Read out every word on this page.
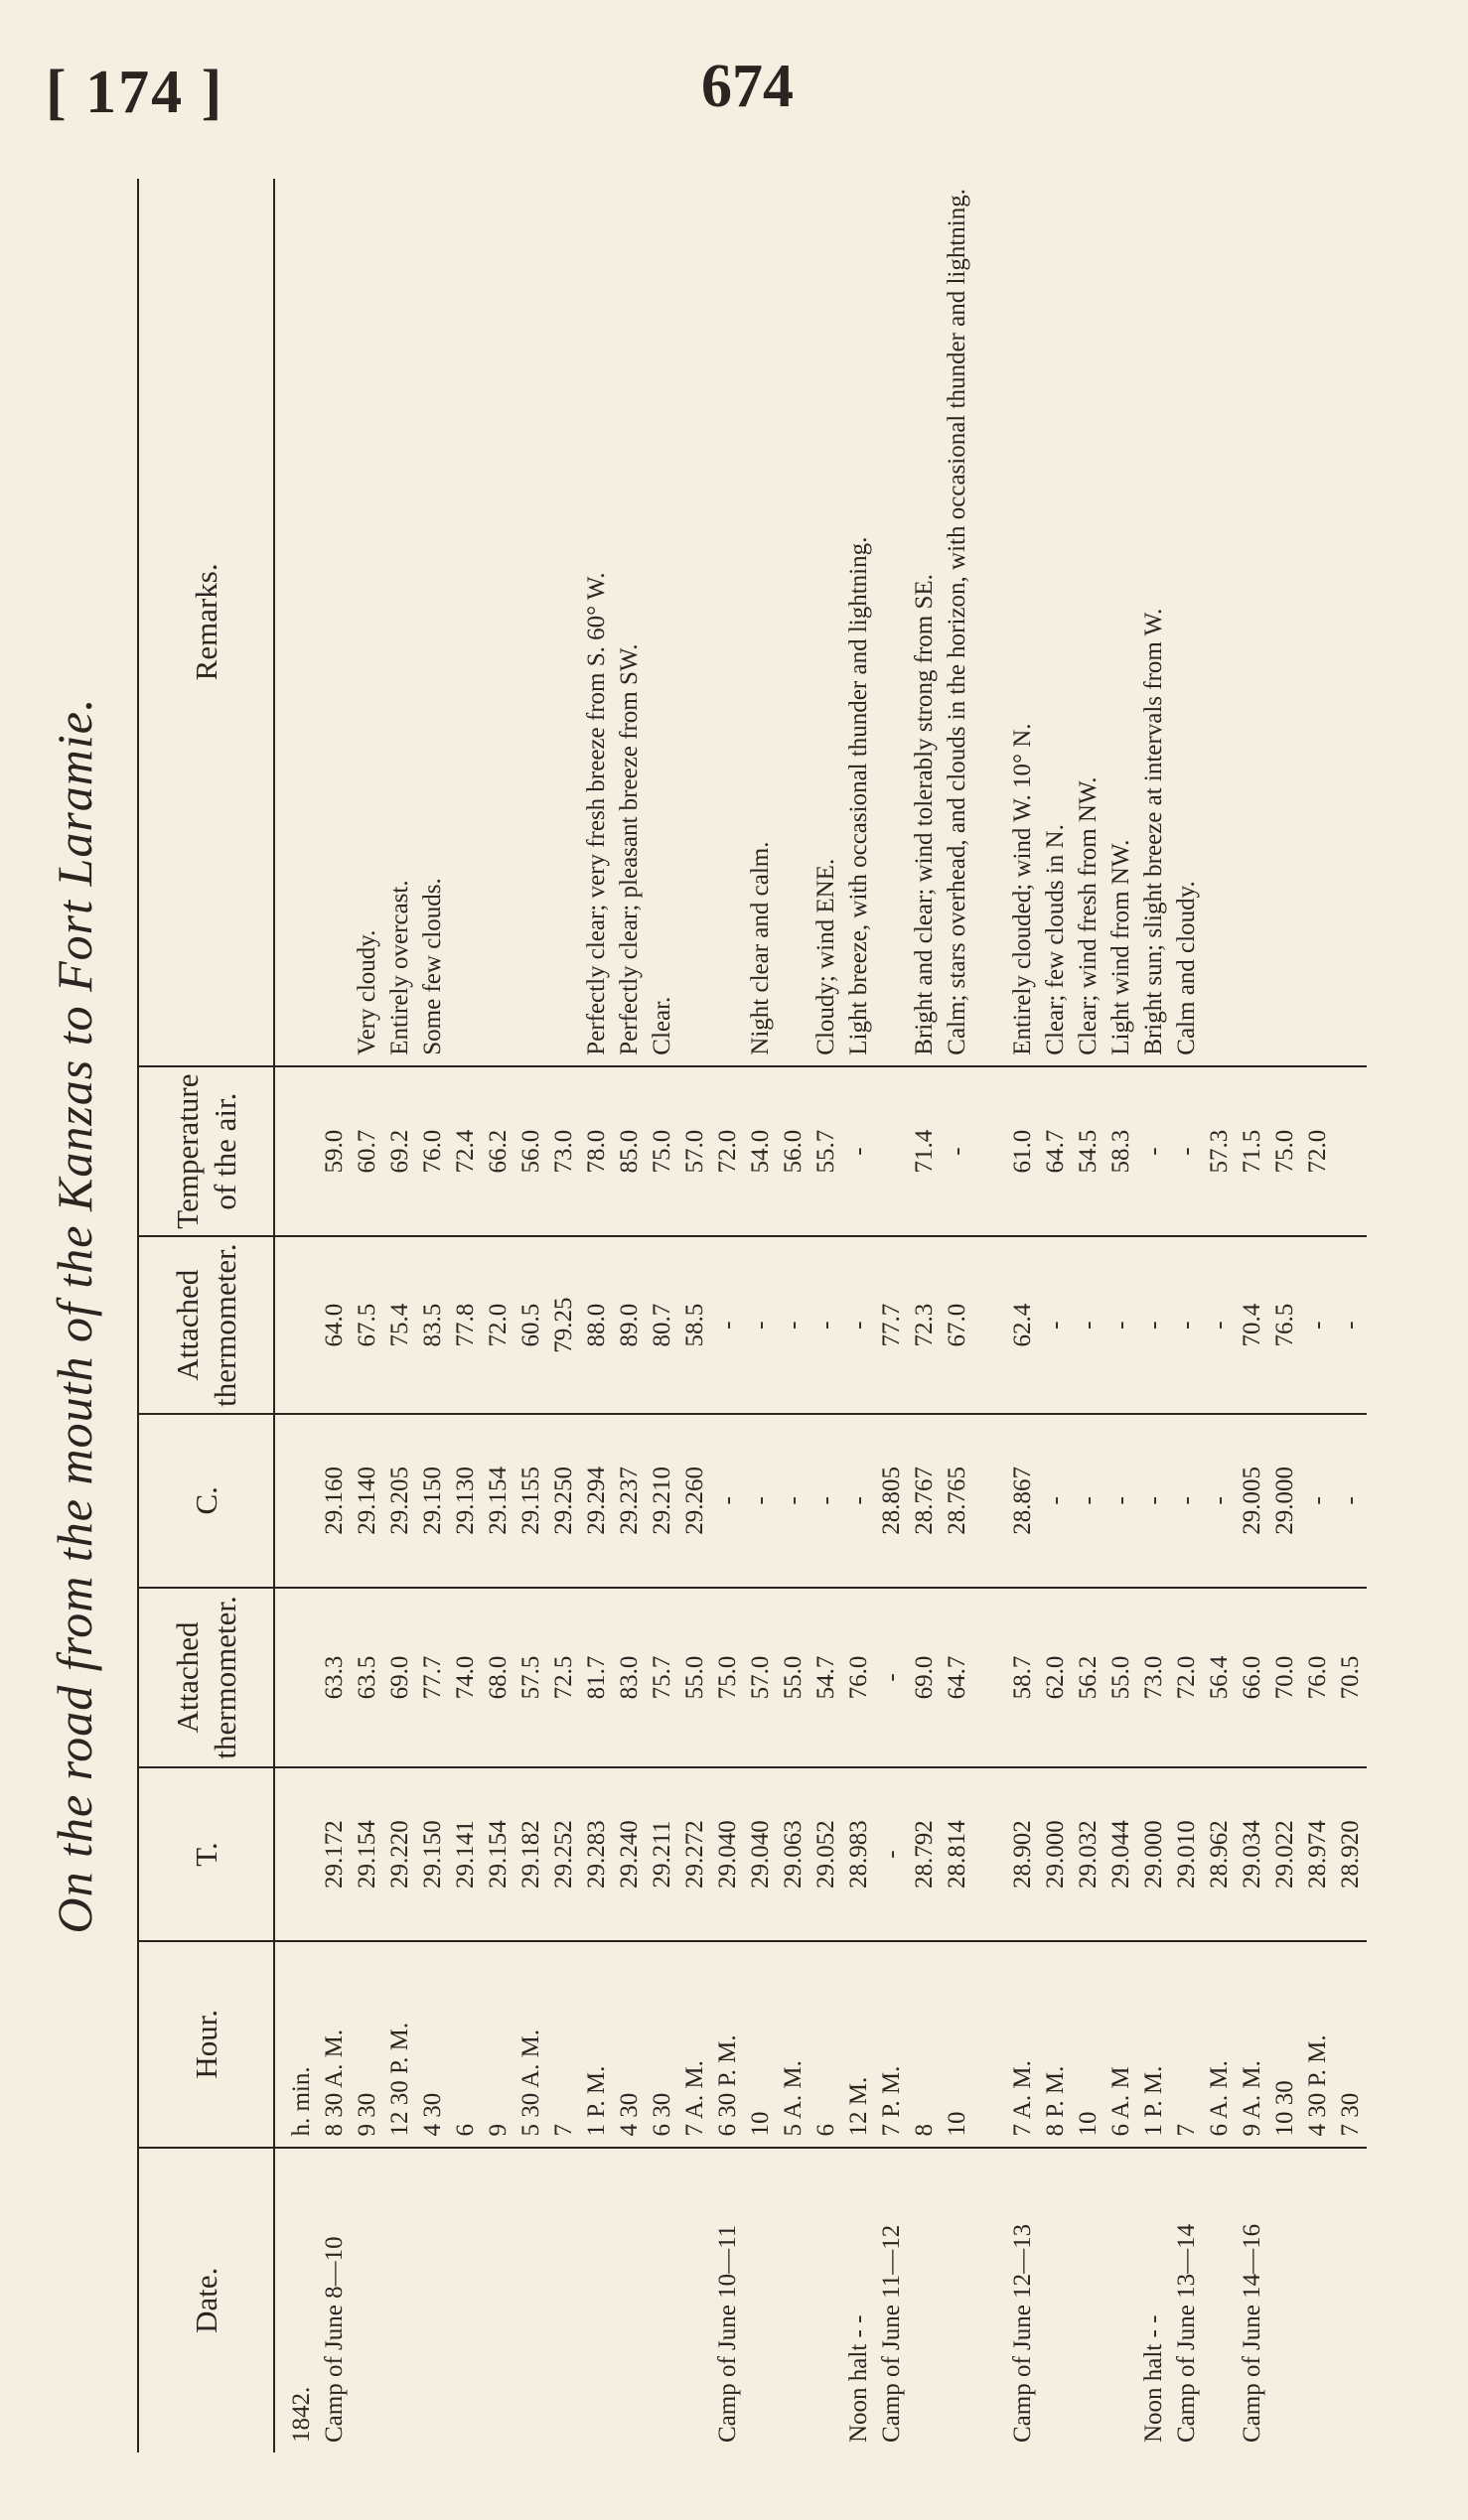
[ 174 ]	674
On the road from the mouth of the Kanzas to Fort Laramie.
Date.	Hour.	T.	Attached thermometer.	C.	Attached thermometer.	Temperature of the air.	Remarks.
1842.	h. min.						
Camp of June 8—10	8 30 A. M.	29.172	63.3	29.160	64.0	59.0	
	9 30	29.154	63.5	29.140	67.5	60.7	Very cloudy.
	12 30 P. M.	29.220	69.0	29.205	75.4	69.2	Entirely overcast.
	4 30	29.150	77.7	29.150	83.5	76.0	Some few clouds.
	6	29.141	74.0	29.130	77.8	72.4	
	9	29.154	68.0	29.154	72.0	66.2	
	5 30 A. M.	29.182	57.5	29.155	60.5	56.0	
	7	29.252	72.5	29.250	79.25	73.0	
	1 P. M.	29.283	81.7	29.294	88.0	78.0	Perfectly clear; very fresh breeze from S. 60° W.
	4 30	29.240	83.0	29.237	89.0	85.0	Perfectly clear; pleasant breeze from SW.
	6 30	29.211	75.7	29.210	80.7	75.0	Clear.
	7 A. M.	29.272	55.0	29.260	58.5	57.0	
Camp of June 10—11	6 30 P. M.	29.040	75.0	-	-	72.0	
	10	29.040	57.0	-	-	54.0	Night clear and calm.
	5 A. M.	29.063	55.0	-	-	56.0	
	6	29.052	54.7	-	-	55.7	Cloudy; wind ENE.
Noon halt - -	12 M.	28.983	76.0	-	-	-	Light breeze, with occasional thunder and lightning.
Camp of June 11—12	7 P. M.	-	-	28.805	77.7		
	8	28.792	69.0	28.767	72.3	71.4	Bright and clear; wind tolerably strong from SE.
	10	28.814	64.7	28.765	67.0	-	Calm; stars overhead, and clouds in the horizon, with occasional thunder and lightning.

Camp of June 12—13	7 A. M.	28.902	58.7	28.867	62.4	61.0	Entirely clouded; wind W. 10° N.
	8 P. M.	29.000	62.0	-	-	64.7	Clear; few clouds in N.
	10	29.032	56.2	-	-	54.5	Clear; wind fresh from NW.
	6 A. M	29.044	55.0	-	-	58.3	Light wind from NW.
Noon halt - -	1 P. M.	29.000	73.0	-	-	-	Bright sun; slight breeze at intervals from W.
Camp of June 13—14	7	29.010	72.0	-	-	-	Calm and cloudy.
	6 A. M.	28.962	56.4	-	-	57.3	
Camp of June 14—16	9 A. M.	29.034	66.0	29.005	70.4	71.5	
	10 30	29.022	70.0	29.000	76.5	75.0	
	4 30 P. M.	28.974	76.0	-	-	72.0	
	7 30	28.920	70.5	-	-		
